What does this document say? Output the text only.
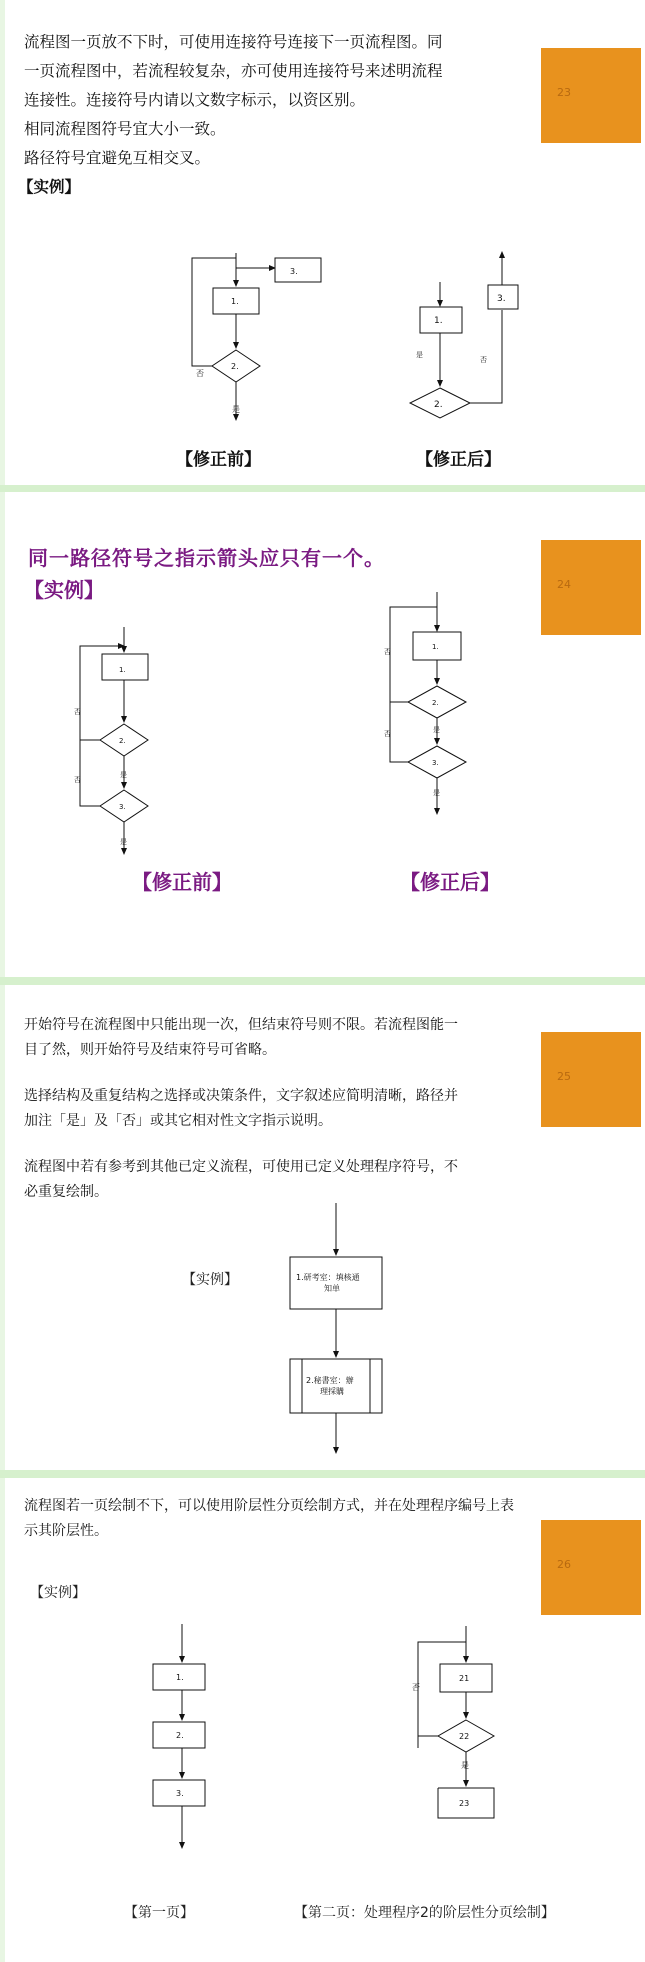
23

流程图一页放不下时，可使用连接符号连接下一页流程图。同

一页流程图中，若流程较复杂，亦可使用连接符号来述明流程

连接性。连接符号内请以文数字标示，以资区别。

相同流程图符号宜大小一致。

路径符号宜避免互相交叉。

【实例】

1.
2.
3.
否
是
1.
2.
3.
是
否
【修正前】	【修正后】
24
同一路径符号之指示箭头应只有一个。
【实例】
1.
2.
3.
否
否
是
是
1.
2.
3.
否
否	是
是
【修正前】	【修正后】
25

开始符号在流程图中只能出现一次，但结束符号则不限。若流程图能一

目了然，则开始符号及结束符号可省略。

选择结构及重复结构之选择或决策条件，文字叙述应简明清晰，路径并

加注「是」及「否」或其它相对性文字指示说明。

流程图中若有参考到其他已定义流程，可使用已定义处理程序符号，不

必重复绘制。

【实例】	1.研考室：填核通
知单
2.秘書室：辦
理採購
26

流程图若一页绘制不下，可以使用阶层性分页绘制方式，并在处理程序编号上表

示其阶层性。

【实例】
1.
2.
3.
21
22
23
否
是
【第一页】	【第二页：处理程序2的阶层性分页绘制】
